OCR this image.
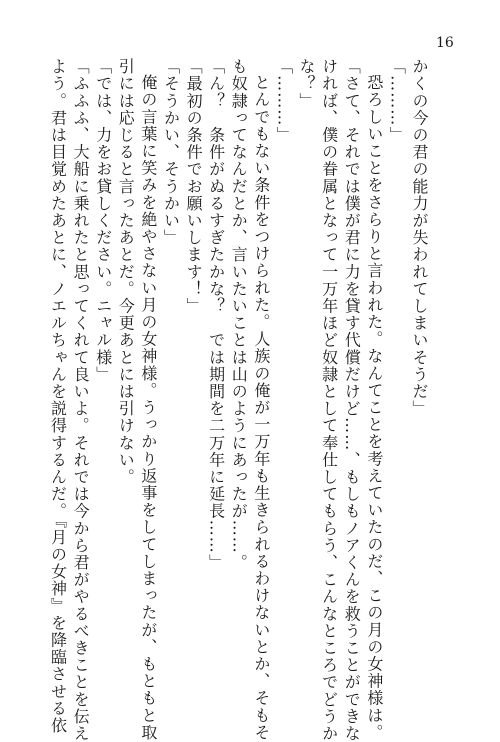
16
かくの今の君の能力が失われてしまいそうだ」
「………」
恐ろしいことをさらりと言われた。なんてことを考えていたのだ、この月の女神様は。
「さて、それでは僕が君に力を貸す代償だけど……、もしもノアくんを救うことができな
ければ、僕の眷属となって一万年ほど奴隷として奉仕してもらう、こんなところでどうか
な？」
「………」
とんでもない条件をつけられた。人族の俺が一万年も生きられるわけないとか、そもそ
も奴隷ってなんだとか、言いたいことは山のようにあったが……。
「ん？　条件がぬるすぎたかな？　では期間を二万年に延長……」
「最初の条件でお願いします！」
「そうかい、そうかい」
俺の言葉に笑みを絶やさない月の女神様。うっかり返事をしてしまったが、もともと取
引には応じると言ったあとだ。今更あとには引けない。
「では、力をお貸しください。ニャル様」
「ふふふ、大船に乗れたと思ってくれて良いよ。それでは今から君がやるべきことを伝え
よう。君は目覚めたあとに、ノエルちゃんを説得するんだ。『月の女神』を降臨させる依
